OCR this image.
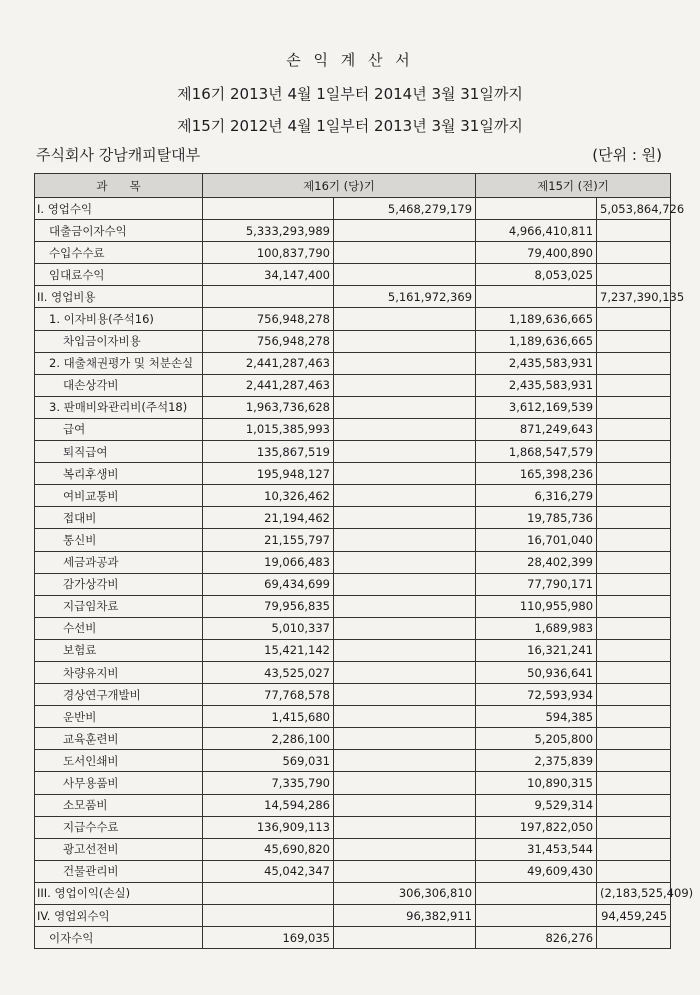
손 익 계 산 서
제16기 2013년 4월 1일부터 2014년 3월 31일까지
제15기 2012년 4월 1일부터 2013년 3월 31일까지
주식회사 강남캐피탈대부	(단위 : 원)
과      목	제16기 (당)기		제15기 (전)기	
I. 영업수익		5,468,279,179		5,053,864,726
대출금이자수익	5,333,293,989		4,966,410,811	
수입수수료	100,837,790		79,400,890	
임대료수익	34,147,400		8,053,025	
II. 영업비용		5,161,972,369		7,237,390,135
1. 이자비용(주석16)	756,948,278		1,189,636,665	
차입금이자비용	756,948,278		1,189,636,665	
2. 대출채권평가 및 처분손실	2,441,287,463		2,435,583,931	
대손상각비	2,441,287,463		2,435,583,931	
3. 판매비와관리비(주석18)	1,963,736,628		3,612,169,539	
급여	1,015,385,993		871,249,643	
퇴직급여	135,867,519		1,868,547,579	
복리후생비	195,948,127		165,398,236	
여비교통비	10,326,462		6,316,279	
접대비	21,194,462		19,785,736	
통신비	21,155,797		16,701,040	
세금과공과	19,066,483		28,402,399	
감가상각비	69,434,699		77,790,171	
지급임차료	79,956,835		110,955,980	
수선비	5,010,337		1,689,983	
보험료	15,421,142		16,321,241	
차량유지비	43,525,027		50,936,641	
경상연구개발비	77,768,578		72,593,934	
운반비	1,415,680		594,385	
교육훈련비	2,286,100		5,205,800	
도서인쇄비	569,031		2,375,839	
사무용품비	7,335,790		10,890,315	
소모품비	14,594,286		9,529,314	
지급수수료	136,909,113		197,822,050	
광고선전비	45,690,820		31,453,544	
건물관리비	45,042,347		49,609,430	
III. 영업이익(손실)		306,306,810		(2,183,525,409)
IV. 영업외수익		96,382,911		94,459,245
이자수익	169,035		826,276	
